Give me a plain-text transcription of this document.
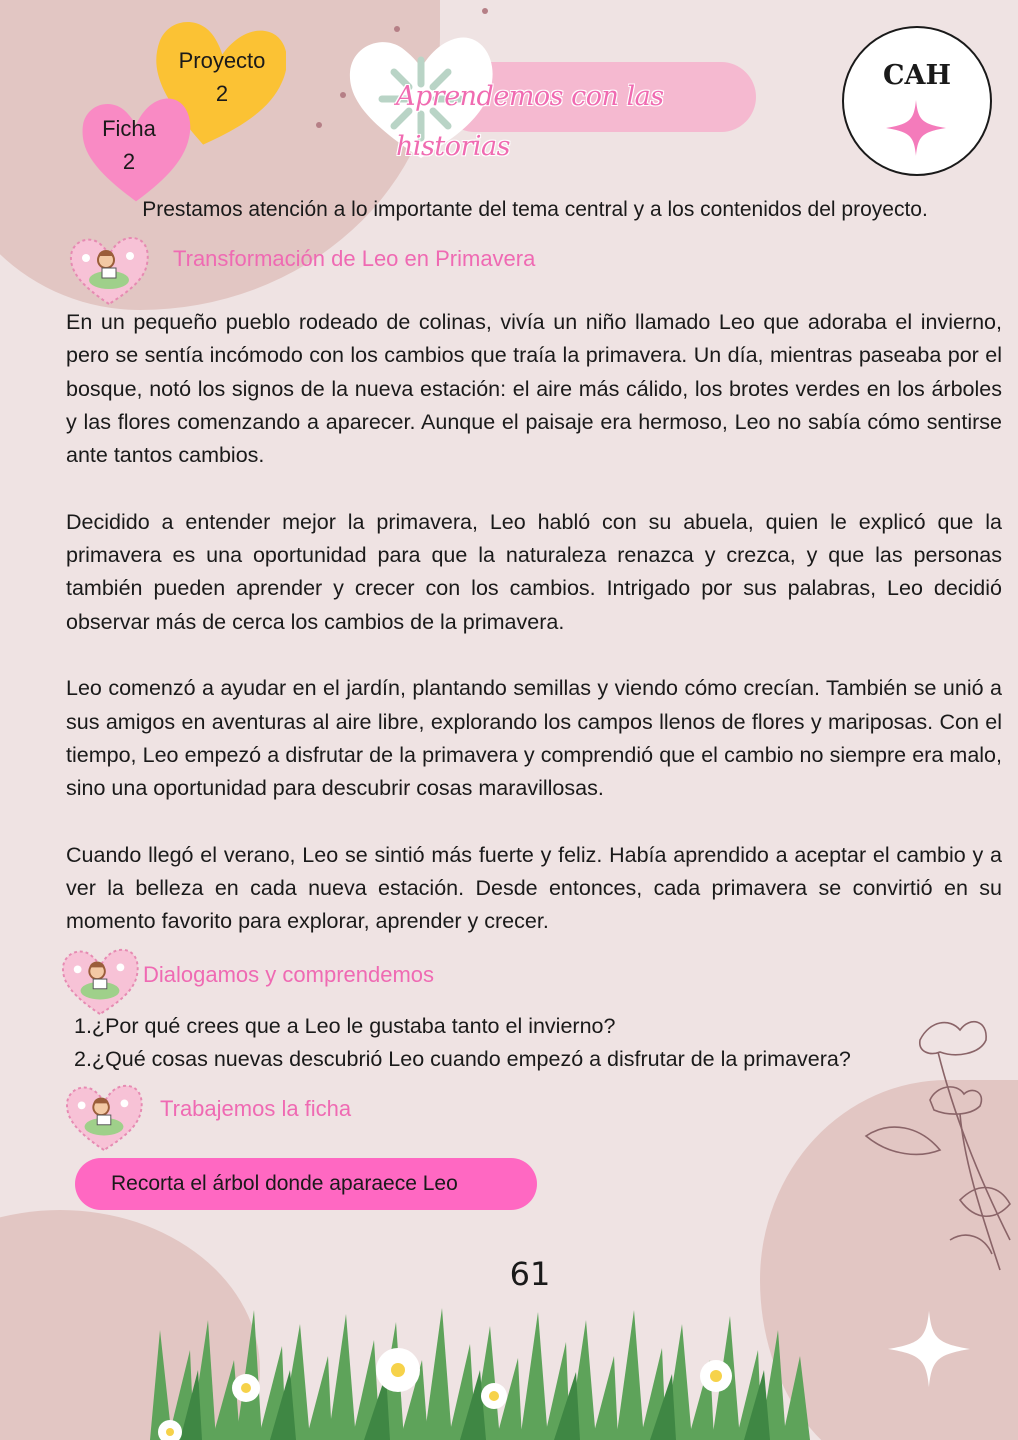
Proyecto
2
Ficha
2
Aprendemos con las historias
CAH
Prestamos atención a lo importante del tema central y a los contenidos del proyecto.
Transformación de Leo en Primavera

En un pequeño pueblo rodeado de colinas, vivía un niño llamado Leo que adoraba el invierno, pero se sentía incómodo con los cambios que traía la primavera. Un día, mientras paseaba por el bosque, notó los signos de la nueva estación: el aire más cálido, los brotes verdes en los árboles y las flores comenzando a aparecer. Aunque el paisaje era hermoso, Leo no sabía cómo sentirse ante tantos cambios.

Decidido a entender mejor la primavera, Leo habló con su abuela, quien le explicó que la primavera es una oportunidad para que la naturaleza renazca y crezca, y que las personas también pueden aprender y crecer con los cambios. Intrigado por sus palabras, Leo decidió observar más de cerca los cambios de la primavera.

Leo comenzó a ayudar en el jardín, plantando semillas y viendo cómo crecían. También se unió a sus amigos en aventuras al aire libre, explorando los campos llenos de flores y mariposas. Con el tiempo, Leo empezó a disfrutar de la primavera y comprendió que el cambio no siempre era malo, sino una oportunidad para descubrir cosas maravillosas.

Cuando llegó el verano, Leo se sintió más fuerte y feliz. Había aprendido a aceptar el cambio y a ver la belleza en cada nueva estación. Desde entonces, cada primavera se convirtió en su momento favorito para explorar, aprender y crecer.

Dialogamos y comprendemos
1.¿Por qué crees que a Leo le gustaba tanto el invierno?
2.¿Qué cosas nuevas descubrió Leo cuando empezó a disfrutar de la primavera?
Trabajemos la ficha
Recorta el árbol donde aparaece Leo
61
